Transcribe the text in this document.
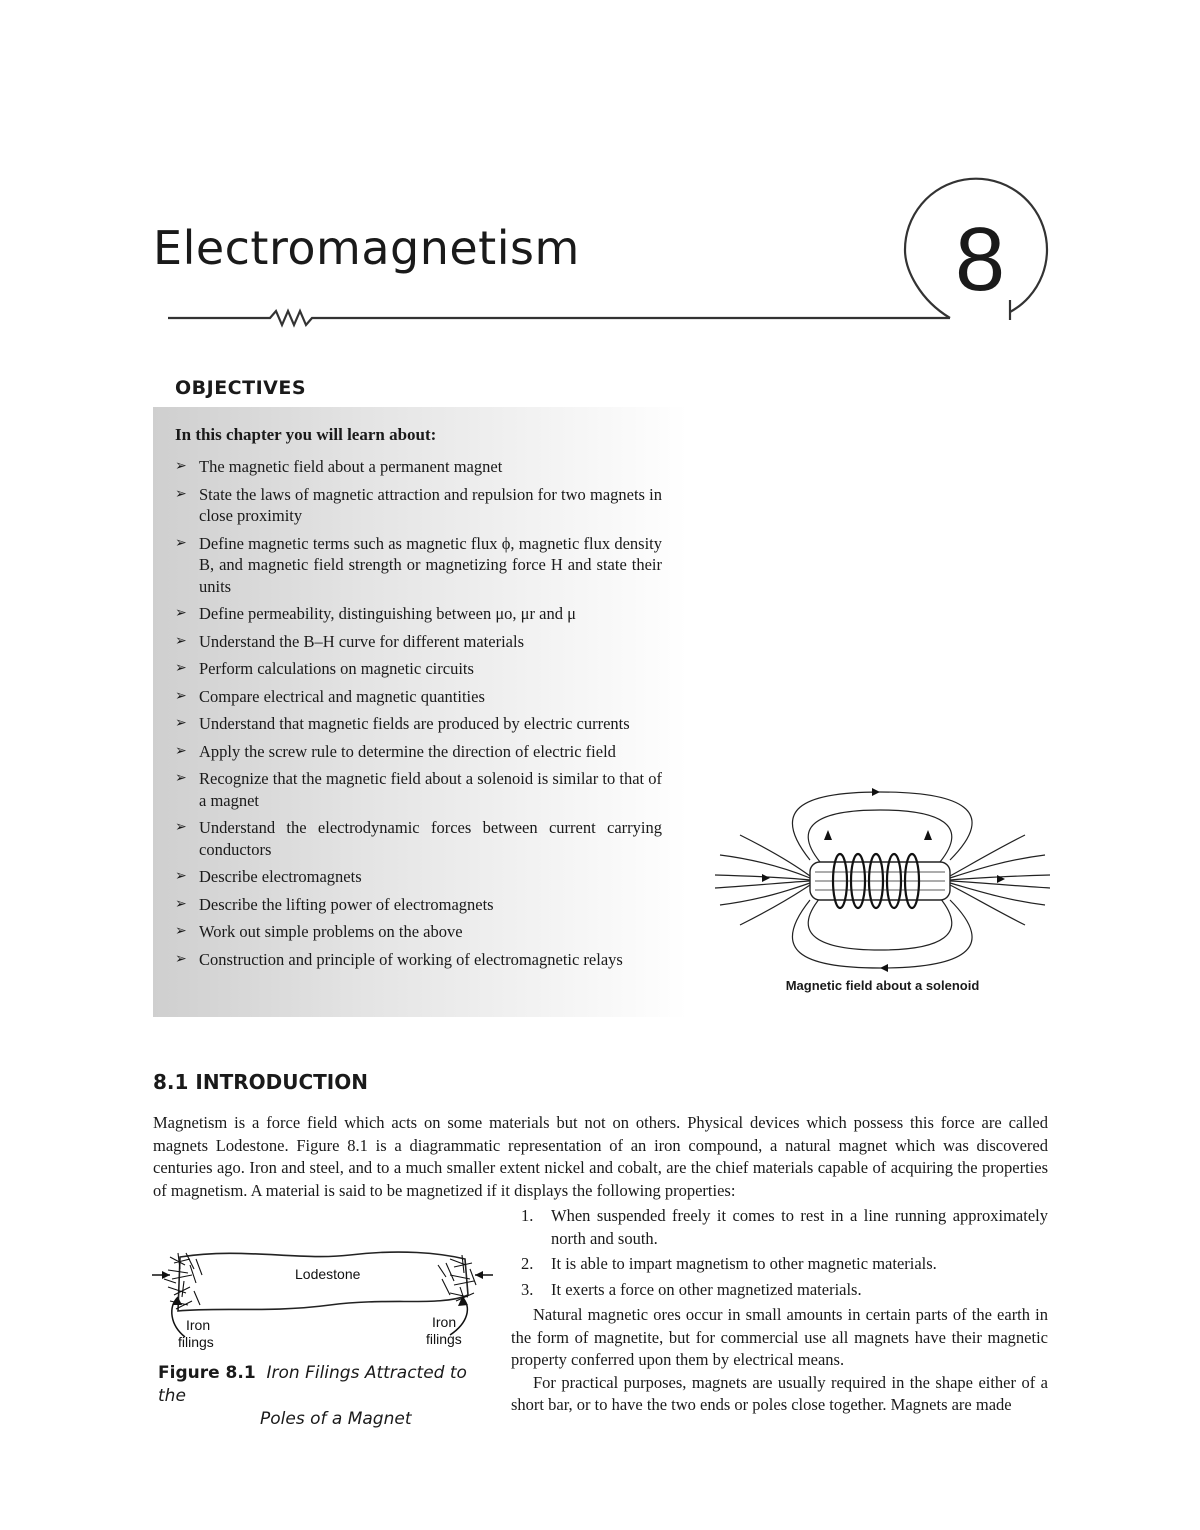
Electromagnetism	8
OBJECTIVES
In this chapter you will learn about:
➢ The magnetic field about a permanent magnet
➢ State the laws of magnetic attraction and repulsion for two magnets in close proximity
➢ Define magnetic terms such as magnetic flux ϕ, magnetic flux density B, and magnetic field strength or magnetizing force H and state their units
➢ Define permeability, distinguishing between μo, μr and μ
➢ Understand the B–H curve for different materials
➢ Perform calculations on magnetic circuits
➢ Compare electrical and magnetic quantities
➢ Understand that magnetic fields are produced by electric currents
➢ Apply the screw rule to determine the direction of electric field
➢ Recognize that the magnetic field about a solenoid is similar to that of a magnet
➢ Understand the electrodynamic forces between current carrying conductors
➢ Describe electromagnets
➢ Describe the lifting power of electromagnets
➢ Work out simple problems on the above
➢ Construction and principle of working of electromagnetic relays
Magnetic field about a solenoid
8.1 INTRODUCTION

Magnetism is a force field which acts on some materials but not on others. Physical devices which possess this force are called magnets Lodestone. Figure 8.1 is a diagrammatic representation of an iron compound, a natural magnet which was discovered centuries ago. Iron and steel, and to a much smaller extent nickel and cobalt, are the chief materials capable of acquiring the properties of magnetism. A material is said to be magnetized if it displays the following properties:

Lodestone
Iron
filings
Iron
filings
Figure 8.1 Iron Filings Attracted to the
Poles of a Magnet
1. When suspended freely it comes to rest in a line running approximately north and south.
2. It is able to impart magnetism to other magnetic materials.
3. It exerts a force on other magnetized materials.

Natural magnetic ores occur in small amounts in certain parts of the earth in the form of magnetite, but for commercial use all magnets have their magnetic property conferred upon them by electrical means.

For practical purposes, magnets are usually required in the shape either of a short bar, or to have the two ends or poles close together. Magnets are made
